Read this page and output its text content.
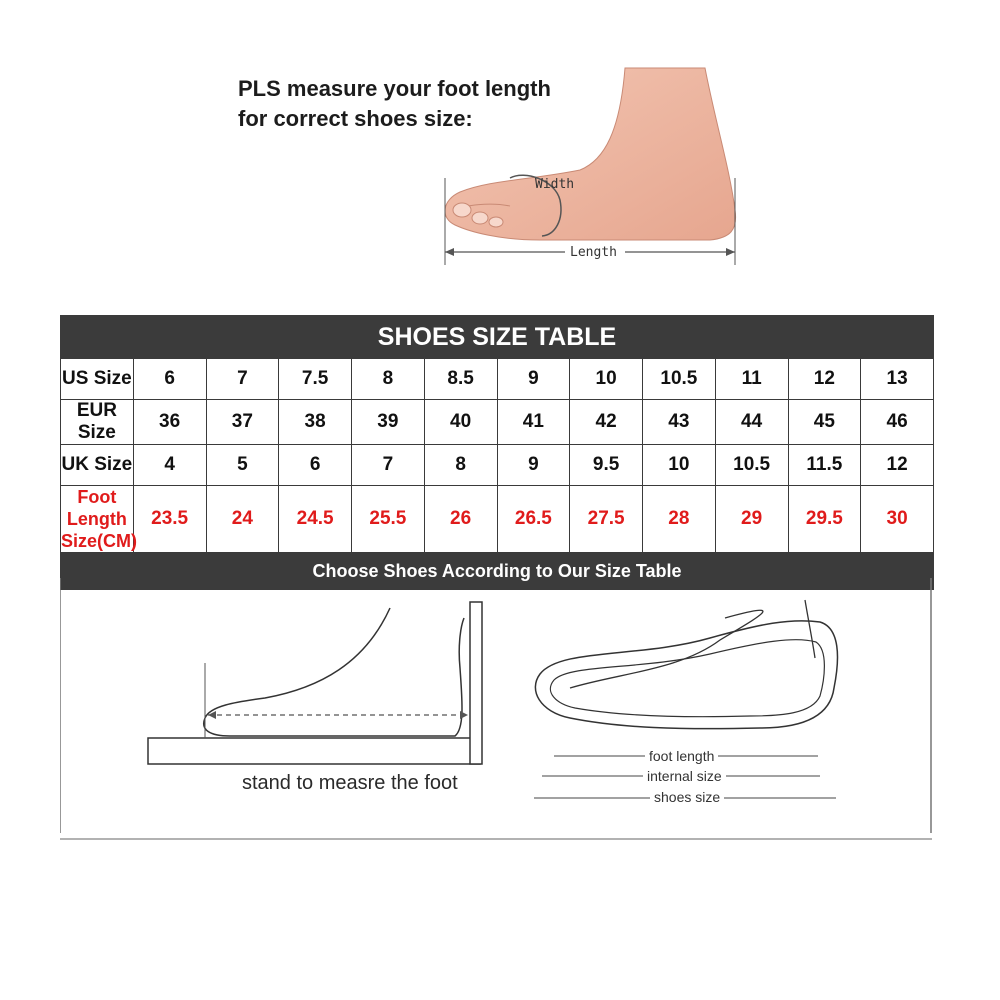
PLS measure your foot length
for correct shoes size:
Length
Width
SHOES SIZE TABLE											
US Size	6	7	7.5	8	8.5	9	10	10.5	11	12	13
EUR Size	36	37	38	39	40	41	42	43	44	45	46
UK Size	4	5	6	7	8	9	9.5	10	10.5	11.5	12

Foot Length
Size(CM)	23.5	24	24.5	25.5	26	26.5	27.5	28	29	29.5	30
Choose Shoes According to Our Size Table											
stand to measre the foot
foot length
internal size
shoes size
